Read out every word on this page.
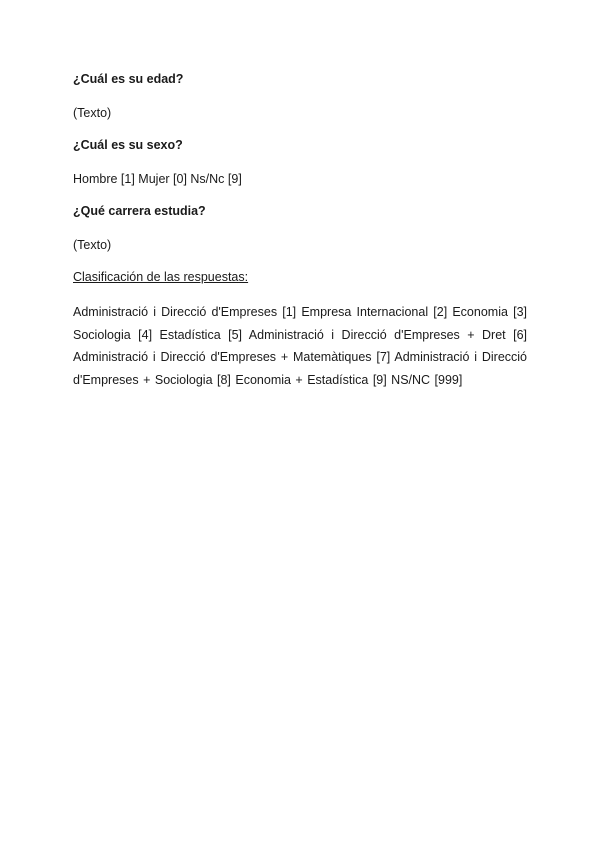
¿Cuál es su edad?

(Texto)

¿Cuál es su sexo?

Hombre [1] Mujer [0] Ns/Nc [9]

¿Qué carrera estudia?

(Texto)

Clasificación de las respuestas:

Administració i Direcció d'Empreses [1] Empresa Internacional [2] Economia [3] Sociologia [4] Estadística [5] Administració i Direcció d'Empreses + Dret [6] Administració i Direcció d'Empreses + Matemàtiques [7] Administració i Direcció d'Empreses + Sociologia [8] Economia + Estadística [9] NS/NC [999]
